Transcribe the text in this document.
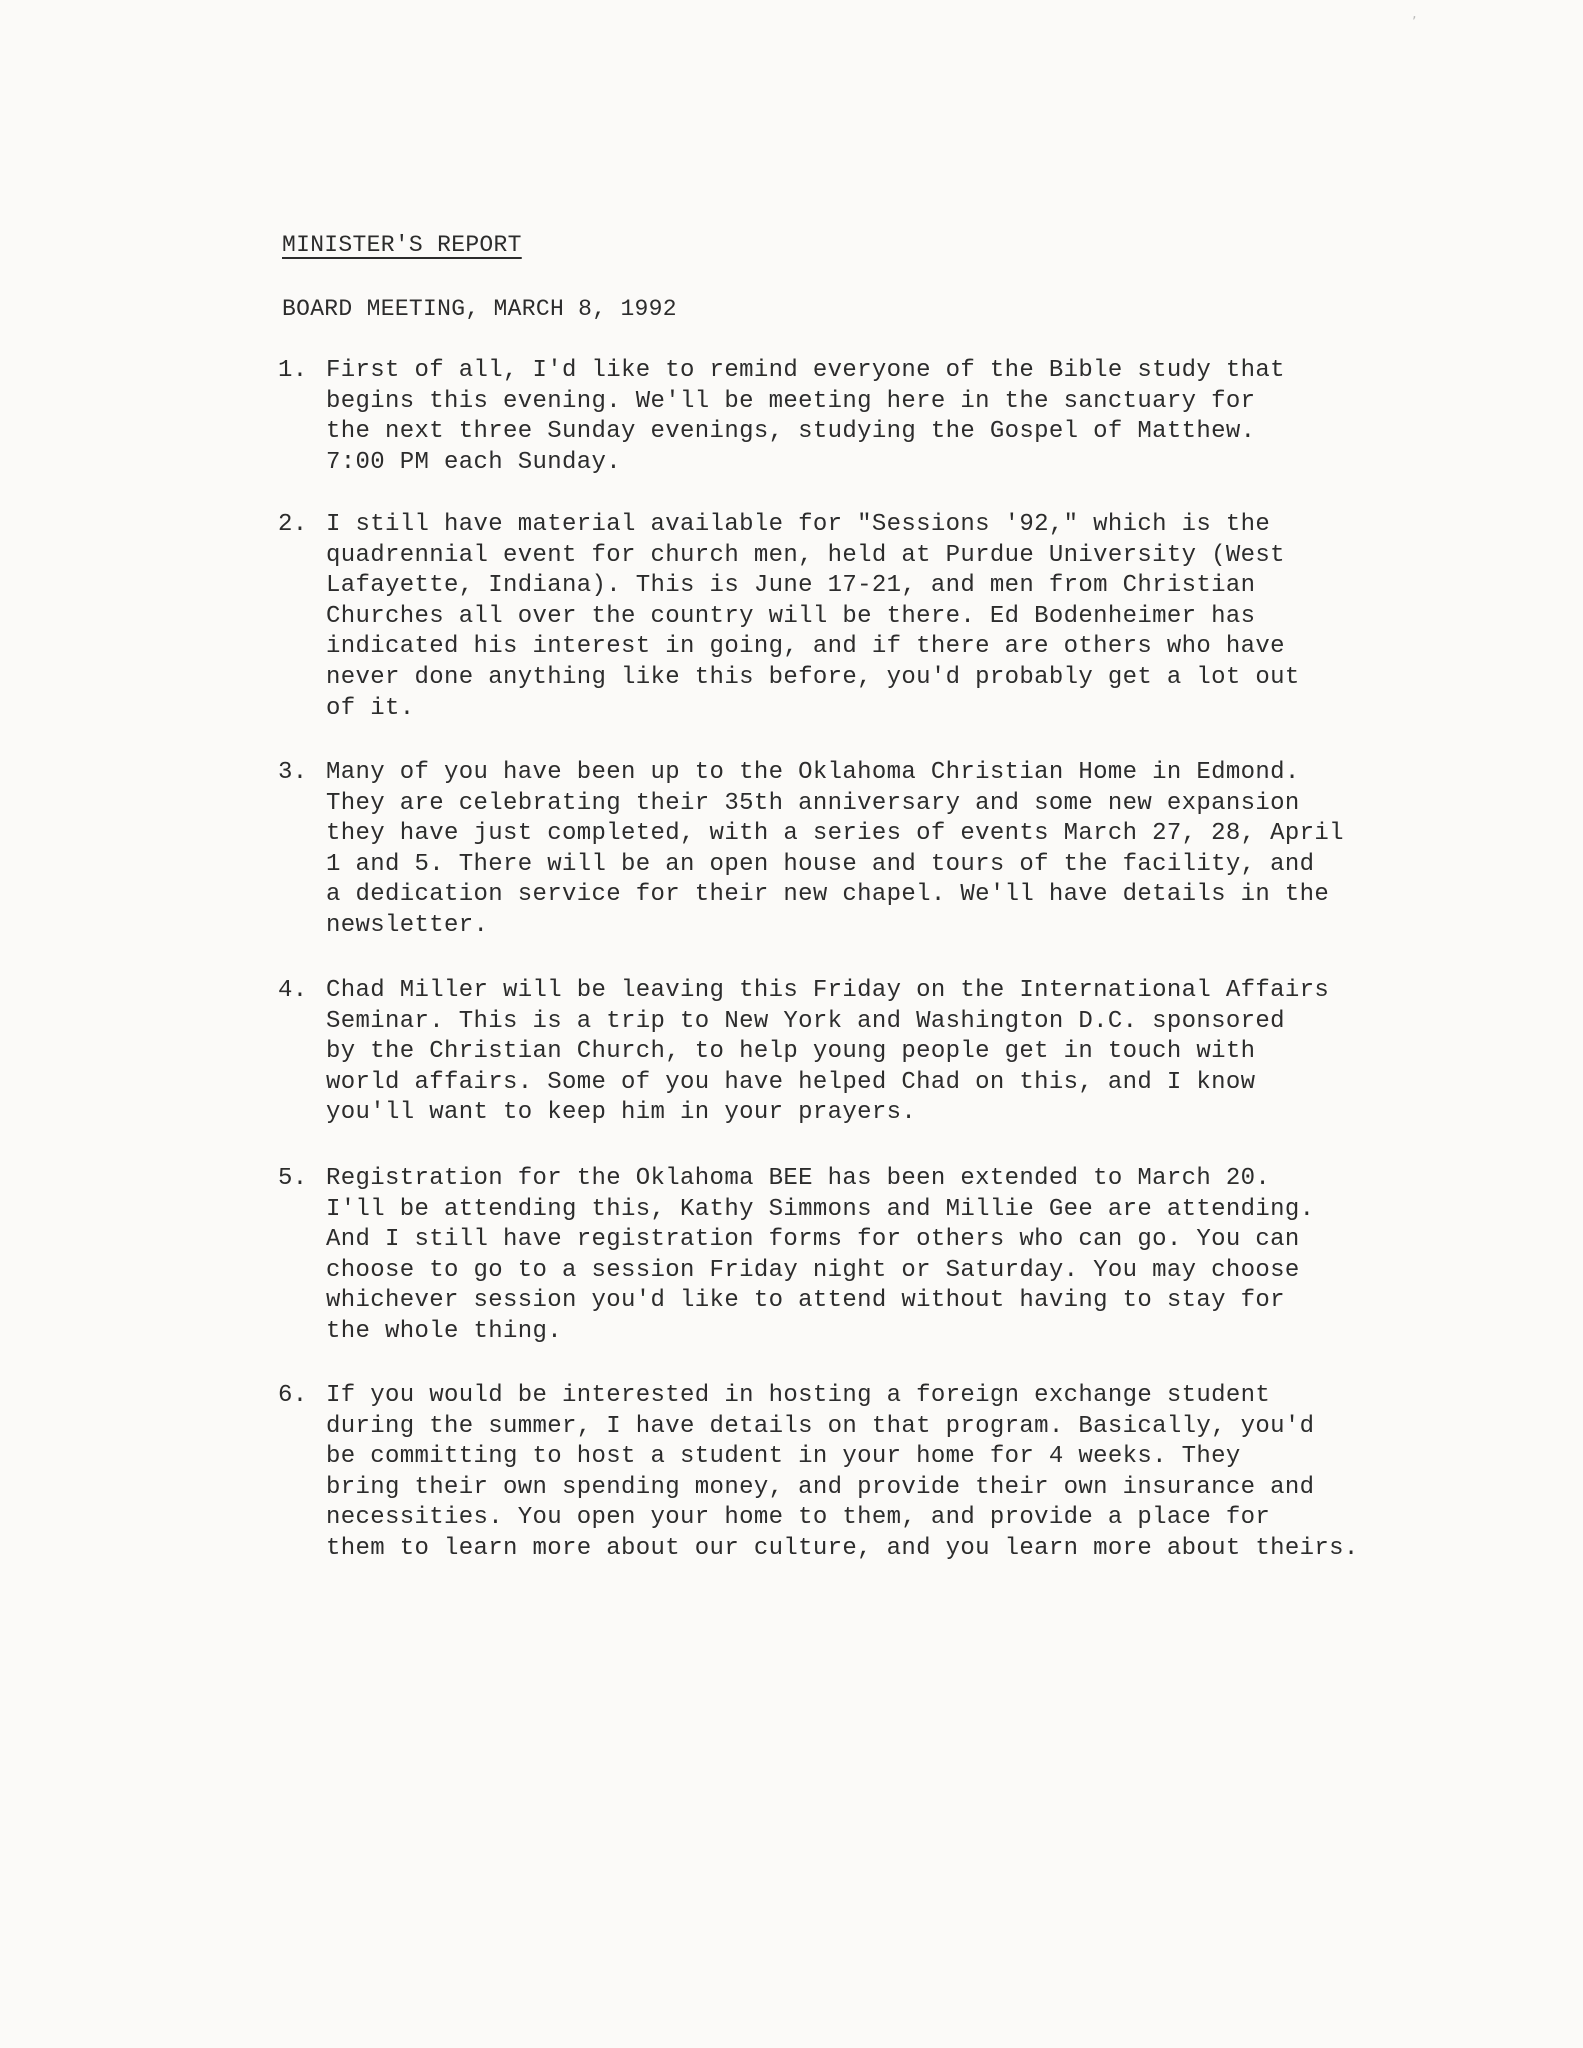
MINISTER'S REPORT
BOARD MEETING, MARCH 8, 1992
1. First of all, I'd like to remind everyone of the Bible study that
begins this evening. We'll be meeting here in the sanctuary for
the next three Sunday evenings, studying the Gospel of Matthew.
7:00 PM each Sunday.
2. I still have material available for "Sessions '92," which is the
quadrennial event for church men, held at Purdue University (West
Lafayette, Indiana). This is June 17-21, and men from Christian
Churches all over the country will be there. Ed Bodenheimer has
indicated his interest in going, and if there are others who have
never done anything like this before, you'd probably get a lot out
of it.
3. Many of you have been up to the Oklahoma Christian Home in Edmond.
They are celebrating their 35th anniversary and some new expansion
they have just completed, with a series of events March 27, 28, April
1 and 5. There will be an open house and tours of the facility, and
a dedication service for their new chapel. We'll have details in the
newsletter.
4. Chad Miller will be leaving this Friday on the International Affairs
Seminar. This is a trip to New York and Washington D.C. sponsored
by the Christian Church, to help young people get in touch with
world affairs. Some of you have helped Chad on this, and I know
you'll want to keep him in your prayers.
5. Registration for the Oklahoma BEE has been extended to March 20.
I'll be attending this, Kathy Simmons and Millie Gee are attending.
And I still have registration forms for others who can go. You can
choose to go to a session Friday night or Saturday. You may choose
whichever session you'd like to attend without having to stay for
the whole thing.
6. If you would be interested in hosting a foreign exchange student
during the summer, I have details on that program. Basically, you'd
be committing to host a student in your home for 4 weeks. They
bring their own spending money, and provide their own insurance and
necessities. You open your home to them, and provide a place for
them to learn more about our culture, and you learn more about theirs.
‚
